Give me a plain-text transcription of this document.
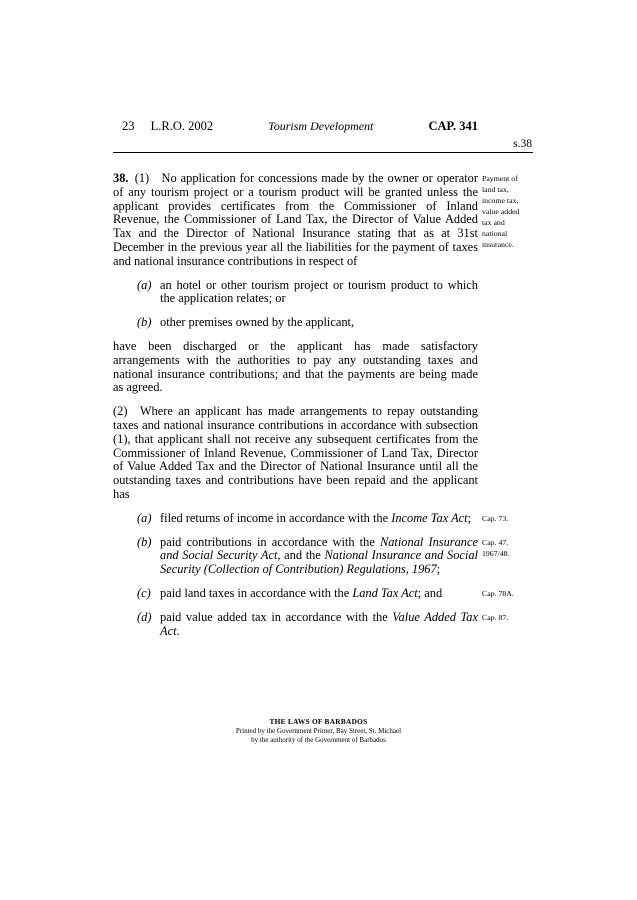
23 L.R.O. 2002	Tourism Development	CAP. 341
s.38
38. (1)  No application for concessions made by the owner or operator of any tourism project or a tourism product will be granted unless the applicant provides certificates from the Commissioner of Inland Revenue, the Commissioner of Land Tax, the Director of Value Added Tax and the Director of National Insurance stating that as at 31st December in the previous year all the liabilities for the payment of taxes and national insurance contributions in respect of
Payment of
land tax,
income tax,
value added
tax and
national
insurance.
(a) an hotel or other tourism project or tourism product to which the application relates; or
(b) other premises owned by the applicant,
have been discharged or the applicant has made satisfactory arrangements with the authorities to pay any outstanding taxes and national insurance contributions; and that the payments are being made as agreed.
(2)  Where an applicant has made arrangements to repay outstanding taxes and national insurance contributions in accordance with subsection (1), that applicant shall not receive any subsequent certificates from the Commissioner of Inland Revenue, Commissioner of Land Tax, Director of Value Added Tax and the Director of National Insurance until all the outstanding taxes and contributions have been repaid and the applicant has
(a) filed returns of income in accordance with the Income Tax Act; Cap. 73.
(b) paid contributions in accordance with the National Insurance and Social Security Act, and the National Insurance and Social Security (Collection of Contribution) Regulations, 1967;
Cap. 47.
1967/48.
(c) paid land taxes in accordance with the Land Tax Act; and	Cap. 78A.
(d) paid value added tax in accordance with the Value Added Tax Act.
Cap. 87.
THE LAWS OF BARBADOS
Printed by the Government Printer, Bay Street, St. Michael
by the authority of the Government of Barbados
